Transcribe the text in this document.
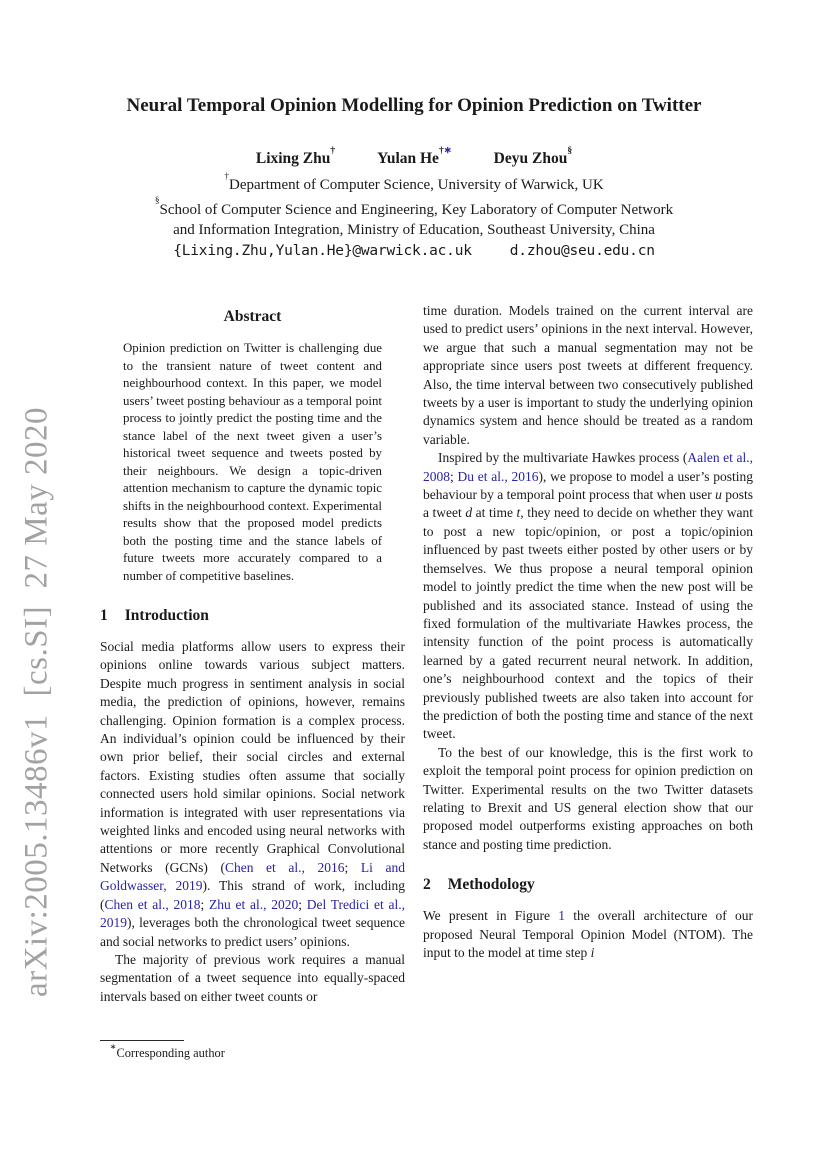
arXiv:2005.13486v1  [cs.SI]  27 May 2020
Neural Temporal Opinion Modelling for Opinion Prediction on Twitter
Lixing Zhu†	Yulan He†∗	Deyu Zhou§

†Department of Computer Science, University of Warwick, UK

§School of Computer Science and Engineering, Key Laboratory of Computer Network

and Information Integration, Ministry of Education, Southeast University, China

{Lixing.Zhu,Yulan.He}@warwick.ac.uk	d.zhou@seu.edu.cn
Abstract

Opinion prediction on Twitter is challenging due to the transient nature of tweet content and neighbourhood context. In this paper, we model users’ tweet posting behaviour as a temporal point process to jointly predict the posting time and the stance label of the next tweet given a user’s historical tweet sequence and tweets posted by their neighbours. We design a topic-driven attention mechanism to capture the dynamic topic shifts in the neighbourhood context. Experimental results show that the proposed model predicts both the posting time and the stance labels of future tweets more accurately compared to a number of competitive baselines.

1 Introduction

Social media platforms allow users to express their opinions online towards various subject matters. Despite much progress in sentiment analysis in social media, the prediction of opinions, however, remains challenging. Opinion formation is a complex process. An individual’s opinion could be influenced by their own prior belief, their social circles and external factors. Existing studies often assume that socially connected users hold similar opinions. Social network information is integrated with user representations via weighted links and encoded using neural networks with attentions or more recently Graphical Convolutional Networks (GCNs) (Chen et al., 2016; Li and Goldwasser, 2019). This strand of work, including (Chen et al., 2018; Zhu et al., 2020; Del Tredici et al., 2019), leverages both the chronological tweet sequence and social networks to predict users’ opinions.

The majority of previous work requires a manual segmentation of a tweet sequence into equally-spaced intervals based on either tweet counts or

time duration. Models trained on the current interval are used to predict users’ opinions in the next interval. However, we argue that such a manual segmentation may not be appropriate since users post tweets at different frequency. Also, the time interval between two consecutively published tweets by a user is important to study the underlying opinion dynamics system and hence should be treated as a random variable.

Inspired by the multivariate Hawkes process (Aalen et al., 2008; Du et al., 2016), we propose to model a user’s posting behaviour by a temporal point process that when user u posts a tweet d at time t, they need to decide on whether they want to post a new topic/opinion, or post a topic/opinion influenced by past tweets either posted by other users or by themselves. We thus propose a neural temporal opinion model to jointly predict the time when the new post will be published and its associated stance. Instead of using the fixed formulation of the multivariate Hawkes process, the intensity function of the point process is automatically learned by a gated recurrent neural network. In addition, one’s neighbourhood context and the topics of their previously published tweets are also taken into account for the prediction of both the posting time and stance of the next tweet.

To the best of our knowledge, this is the first work to exploit the temporal point process for opinion prediction on Twitter. Experimental results on the two Twitter datasets relating to Brexit and US general election show that our proposed model outperforms existing approaches on both stance and posting time prediction.

2 Methodology

We present in Figure 1 the overall architecture of our proposed Neural Temporal Opinion Model (NTOM). The input to the model at time step i

∗Corresponding author
